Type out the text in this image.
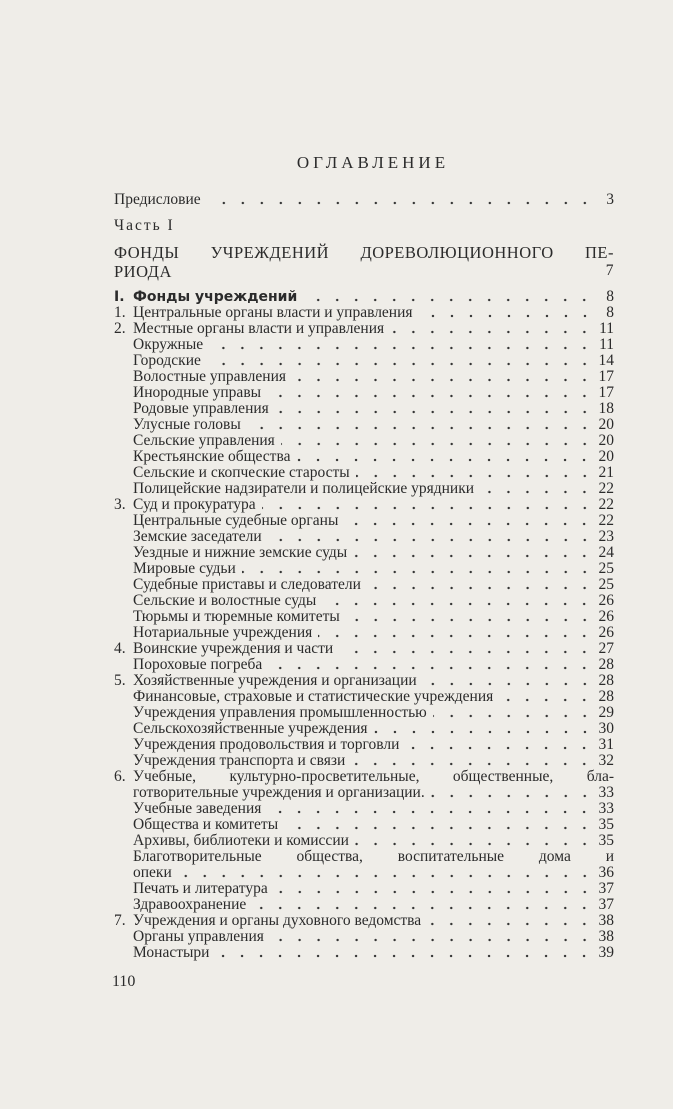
ОГЛАВЛЕНИЕ
Предисловие	3
Часть I
ФОНДЫ УЧРЕЖДЕНИЙ ДОРЕВОЛЮЦИОННОГО ПЕ-
РИОДА	7
I. Фонды учреждений	8
1. Центральные органы власти и управления	8
2. Местные органы власти и управления	11
Окружные	11
Городские	14
Волостные управления	17
Инородные управы	17
Родовые управления	18
Улусные головы	20
Сельские управления	20
Крестьянские общества	20
Сельские и скопческие старосты	21
Полицейские надзиратели и полицейские урядники	22
3. Суд и прокуратура	22
Центральные судебные органы	22
Земские заседатели	23
Уездные и нижние земские суды	24
Мировые судьи	25
Судебные приставы и следователи	25
Сельские и волостные суды	26
Тюрьмы и тюремные комитеты	26
Нотариальные учреждения	26
4. Воинские учреждения и части	27
Пороховые погреба	28
5. Хозяйственные учреждения и организации	28
Финансовые, страховые и статистические учреждения	28
Учреждения управления промышленностью	29
Сельскохозяйственные учреждения	30
Учреждения продовольствия и торговли	31
Учреждения транспорта и связи	32
6. Учебные, культурно-просветительные, общественные, бла-
готворительные учреждения и организации.	33
Учебные заведения	33
Общества и комитеты	35
Архивы, библиотеки и комиссии	35
Благотворительные общества, воспитательные дома и
опеки	36
Печать и литература	37
Здравоохранение	37
7. Учреждения и органы духовного ведомства	38
Органы управления	38
Монастыри	39
110
